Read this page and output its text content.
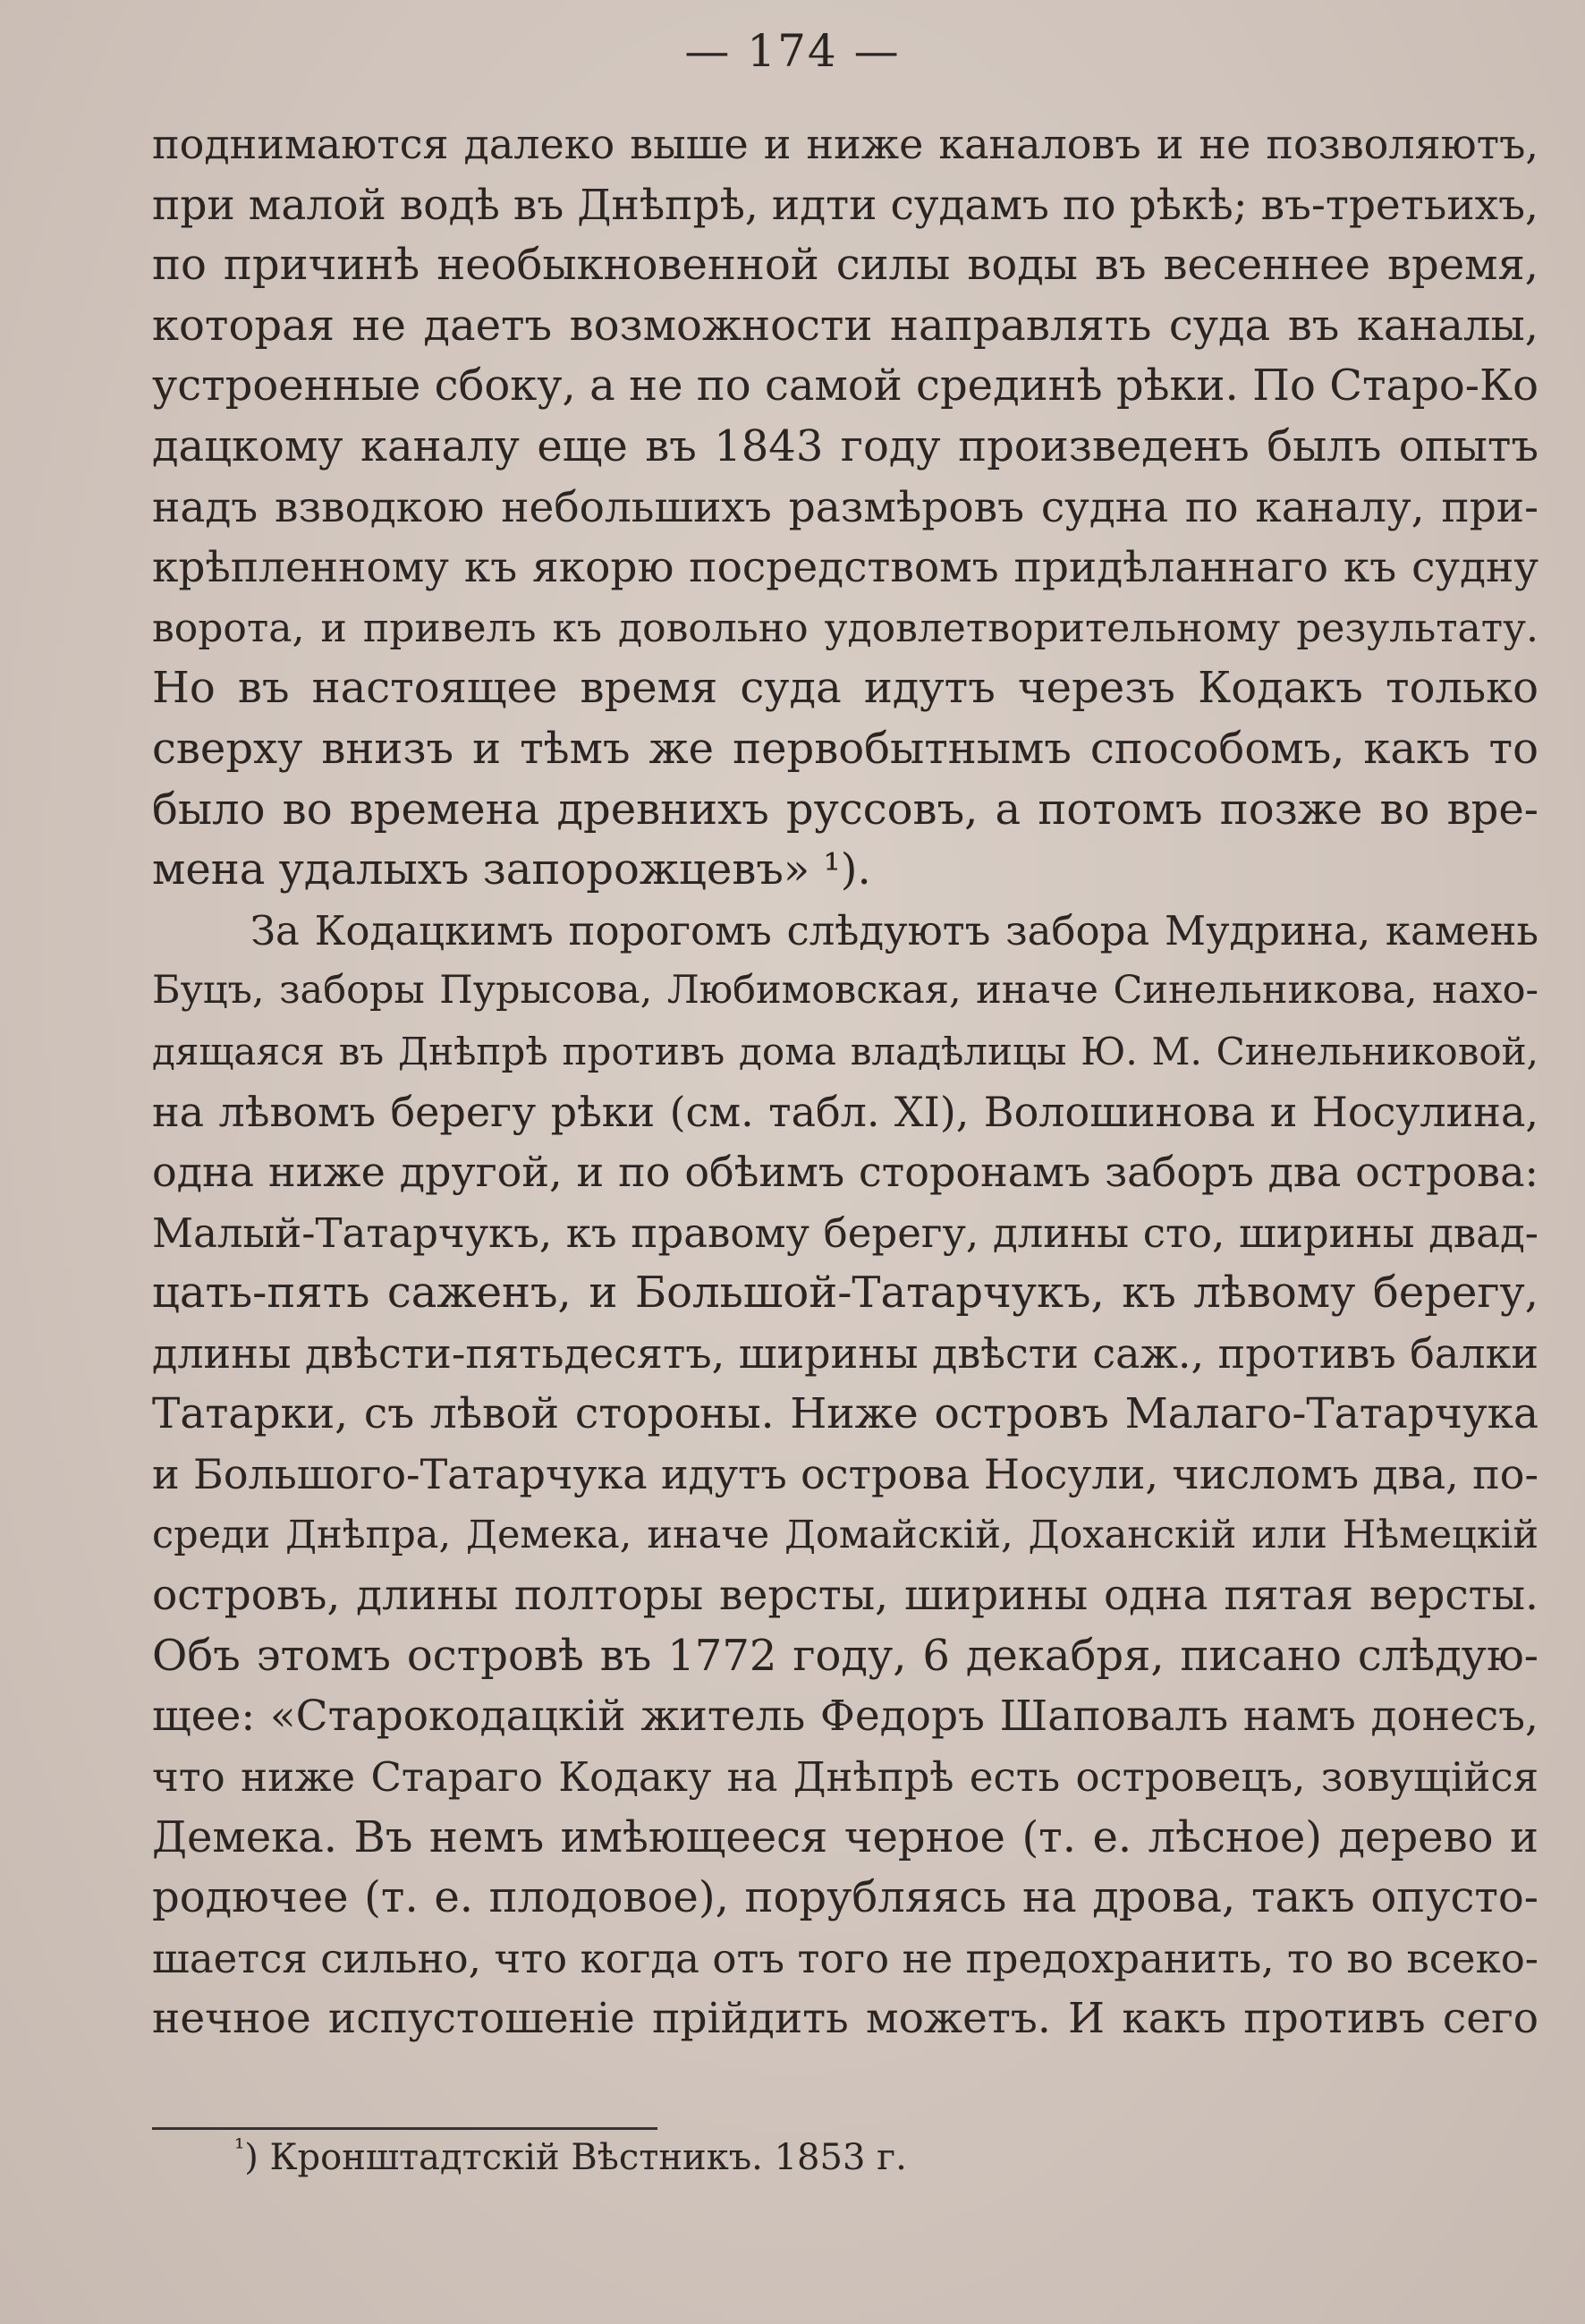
— 174 —
поднимаются далеко выше и ниже каналовъ и не позволяютъ,
при малой водѣ въ Днѣпрѣ, идти судамъ по рѣкѣ; въ-третьихъ,
по причинѣ необыкновенной силы воды въ весеннее время,
которая не даетъ возможности направлять суда въ каналы,
устроенные сбоку, а не по самой срединѣ рѣки. По Старо-Ко
дацкому каналу еще въ 1843 году произведенъ былъ опытъ
надъ взводкою небольшихъ размѣровъ судна по каналу, при-
крѣпленному къ якорю посредствомъ придѣланнаго къ судну
ворота, и привелъ къ довольно удовлетворительному результату.
Но въ настоящее время суда идутъ черезъ Кодакъ только
сверху внизъ и тѣмъ же первобытнымъ способомъ, какъ то
было во времена древнихъ руссовъ, а потомъ позже во вре-
мена удалыхъ запорожцевъ» ¹).
За Кодацкимъ порогомъ слѣдуютъ забора Мудрина, камень
Буцъ, заборы Пурысова, Любимовская, иначе Синельникова, нахо-
дящаяся въ Днѣпрѣ противъ дома владѣлицы Ю. М. Синельниковой,
на лѣвомъ берегу рѣки (см. табл. XI), Волошинова и Носулина,
одна ниже другой, и по обѣимъ сторонамъ заборъ два острова:
Малый-Татарчукъ, къ правому берегу, длины сто, ширины двад-
цать-пять саженъ, и Большой-Татарчукъ, къ лѣвому берегу,
длины двѣсти-пятьдесятъ, ширины двѣсти саж., противъ балки
Татарки, съ лѣвой стороны. Ниже островъ Малаго-Татарчука
и Большого-Татарчука идутъ острова Носули, числомъ два, по-
среди Днѣпра, Демека, иначе Домайскій, Доханскій или Нѣмецкій
островъ, длины полторы версты, ширины одна пятая версты.
Объ этомъ островѣ въ 1772 году, 6 декабря, писано слѣдую-
щее: «Старокодацкій житель Федоръ Шаповалъ намъ донесъ,
что ниже Стараго Кодаку на Днѣпрѣ есть островецъ, зовущійся
Демека. Въ немъ имѣющееся черное (т. е. лѣсное) дерево и
родючее (т. е. плодовое), порубляясь на дрова, такъ опусто-
шается сильно, что когда отъ того не предохранить, то во всеко-
нечное испустошеніе прійдить можетъ. И какъ противъ сего
$^{^1}$) Кронштадтскій Вѣстникъ. 1853 г.
